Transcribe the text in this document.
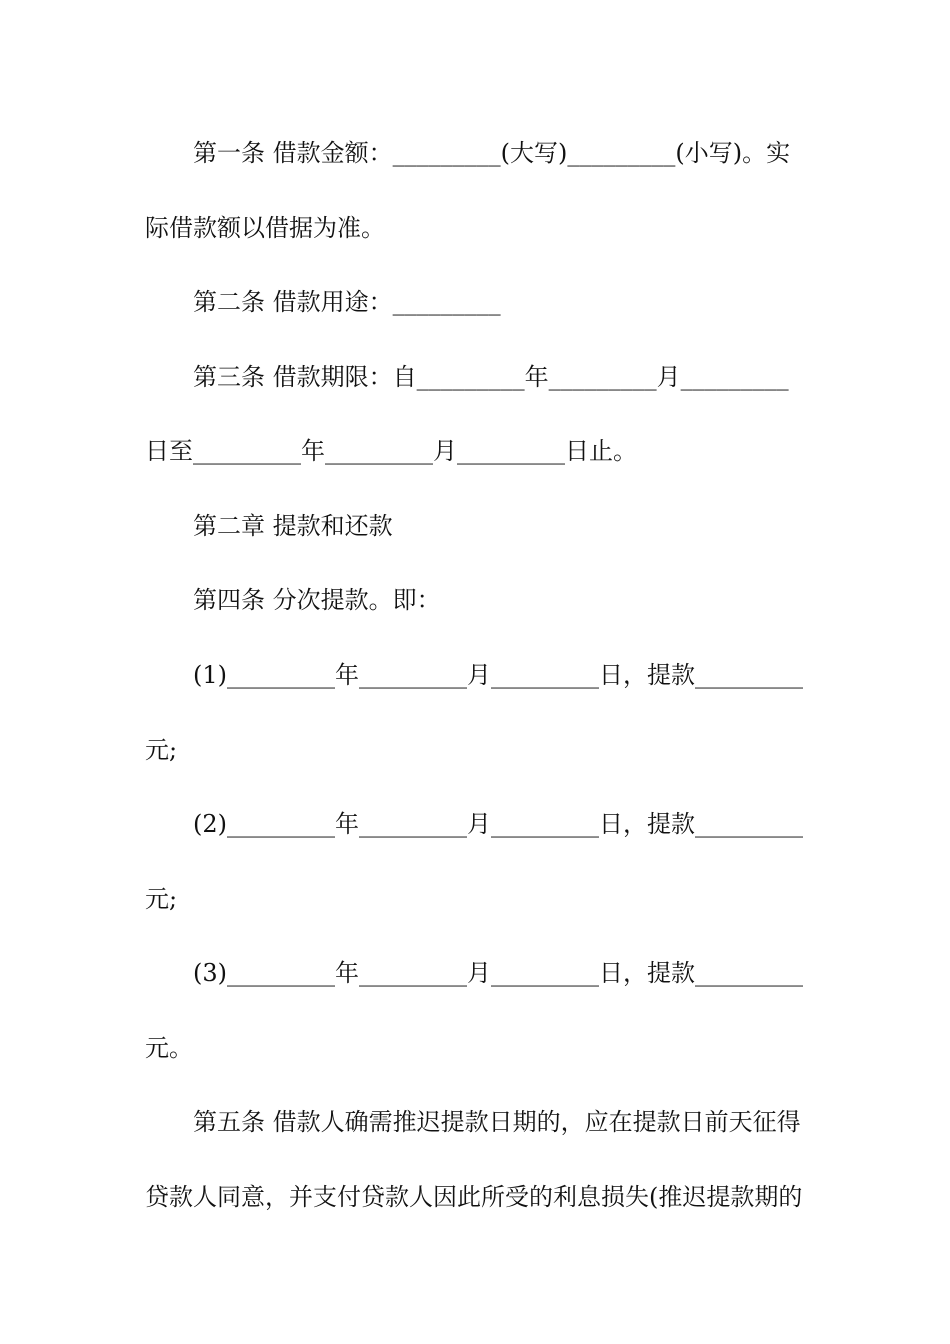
第一条 借款金额：_________(大写)_________(小写)。实
际借款额以借据为准。
第二条 借款用途：_________
第三条 借款期限：自_________年_________月_________
日至_________年_________月_________日止。
第二章 提款和还款
第四条 分次提款。即：
(1)_________年_________月_________日，提款_________
元;
(2)_________年_________月_________日，提款_________
元;
(3)_________年_________月_________日，提款_________
元。
第五条 借款人确需推迟提款日期的，应在提款日前天征得
贷款人同意，并支付贷款人因此所受的利息损失(推迟提款期的
